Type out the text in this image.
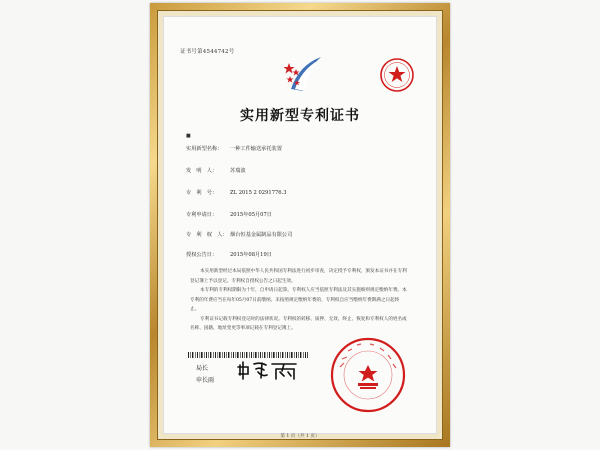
证书号第4544742号
实用新型专利证书
■
实用新型名称： 一种工件输送承托装置
发　明　人： 苏瑞波
专　利　号： ZL 2015 2 0291776.3
专利申请日： 2015年05月07日
专　利　权　人： 烟台恒基金属制品有限公司
授权公告日： 2015年08月19日

本实用新型经过本局依照中华人民共和国专利法进行初步审查，决定授予专利权，颁发本证书并在专利登记簿上予以登记。专利权自授权公告之日起生效。

本专利的专利权期限为十年，自申请日起算。专利权人应当依照专利法及其实施细则规定缴纳年费。本专利的年费应当在每年05月07日前缴纳。未按照规定缴纳年费的，专利权自应当缴纳年费期满之日起终止。

专利证书记载专利权登记时的法律状况。专利权的转移、质押、无效、终止、恢复和专利权人的姓名或名称、国籍、地址变更等事项记载在专利登记簿上。

局长
申长雨
第 1 页（共 1 页）
